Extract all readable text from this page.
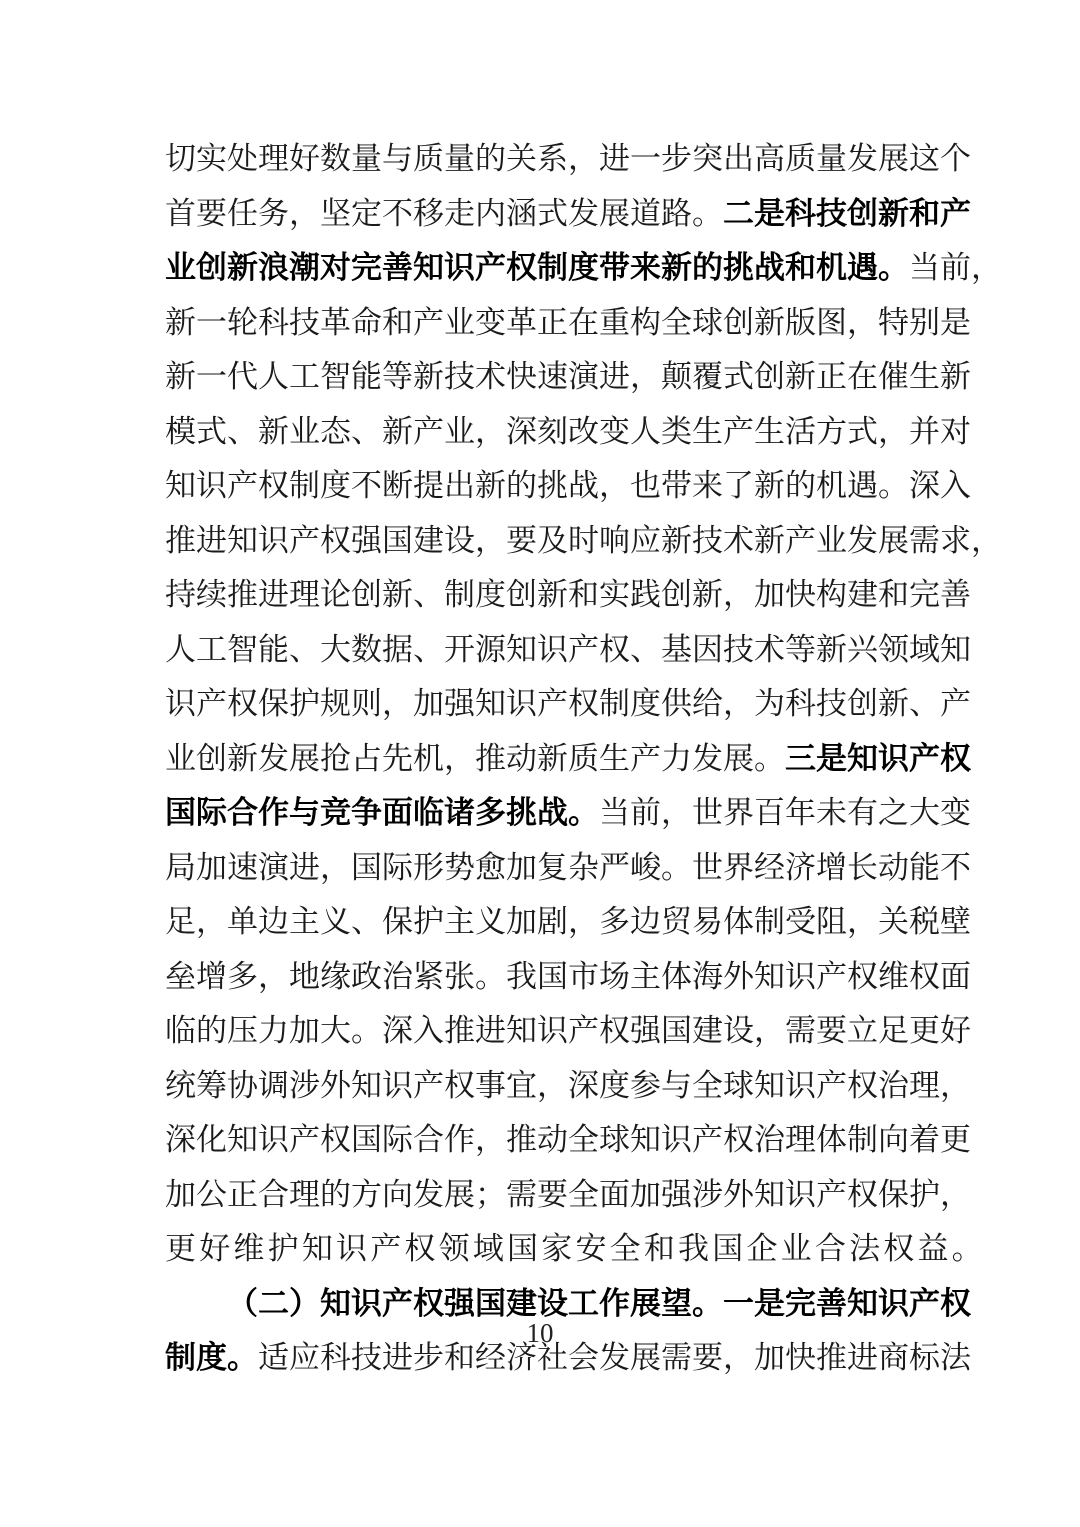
切 实 处 理 好 数 量 与 质 量 的 关 系 ， 进 一 步 突 出 高 质 量 发 展 这 个
首 要 任 务 ， 坚 定 不 移 走 内 涵 式 发 展 道 路 。 二 是 科 技 创 新 和 产
业 创 新 浪 潮 对 完 善 知 识 产 权 制 度 带 来 新 的 挑 战 和 机 遇 。 当 前 ，
新 一 轮 科 技 革 命 和 产 业 变 革 正 在 重 构 全 球 创 新 版 图 ， 特 别 是
新 一 代 人 工 智 能 等 新 技 术 快 速 演 进 ， 颠 覆 式 创 新 正 在 催 生 新
模 式 、 新 业 态 、 新 产 业 ， 深 刻 改 变 人 类 生 产 生 活 方 式 ， 并 对
知 识 产 权 制 度 不 断 提 出 新 的 挑 战 ， 也 带 来 了 新 的 机 遇 。 深 入
推 进 知 识 产 权 强 国 建 设 ， 要 及 时 响 应 新 技 术 新 产 业 发 展 需 求 ，
持 续 推 进 理 论 创 新 、 制 度 创 新 和 实 践 创 新 ， 加 快 构 建 和 完 善
人 工 智 能 、 大 数 据 、 开 源 知 识 产 权 、 基 因 技 术 等 新 兴 领 域 知
识 产 权 保 护 规 则 ， 加 强 知 识 产 权 制 度 供 给 ， 为 科 技 创 新 、 产
业 创 新 发 展 抢 占 先 机 ， 推 动 新 质 生 产 力 发 展 。 三 是 知 识 产 权
国 际 合 作 与 竞 争 面 临 诸 多 挑 战 。 当 前 ， 世 界 百 年 未 有 之 大 变
局 加 速 演 进 ， 国 际 形 势 愈 加 复 杂 严 峻 。 世 界 经 济 增 长 动 能 不
足 ， 单 边 主 义 、 保 护 主 义 加 剧 ， 多 边 贸 易 体 制 受 阻 ， 关 税 壁
垒 增 多 ， 地 缘 政 治 紧 张 。 我 国 市 场 主 体 海 外 知 识 产 权 维 权 面
临 的 压 力 加 大 。 深 入 推 进 知 识 产 权 强 国 建 设 ， 需 要 立 足 更 好
统 筹 协 调 涉 外 知 识 产 权 事 宜 ， 深 度 参 与 全 球 知 识 产 权 治 理 ，
深 化 知 识 产 权 国 际 合 作 ， 推 动 全 球 知 识 产 权 治 理 体 制 向 着 更
加 公 正 合 理 的 方 向 发 展 ； 需 要 全 面 加 强 涉 外 知 识 产 权 保 护 ，
更 好 维 护 知 识 产 权 领 域 国 家 安 全 和 我 国 企 业 合 法 权 益 。
（ 二 ） 知 识 产 权 强 国 建 设 工 作 展 望 。 一 是 完 善 知 识 产 权
制 度 。 适 应 科 技 进 步 和 经 济 社 会 发 展 需 要 ， 加 快 推 进 商 标 法
10
